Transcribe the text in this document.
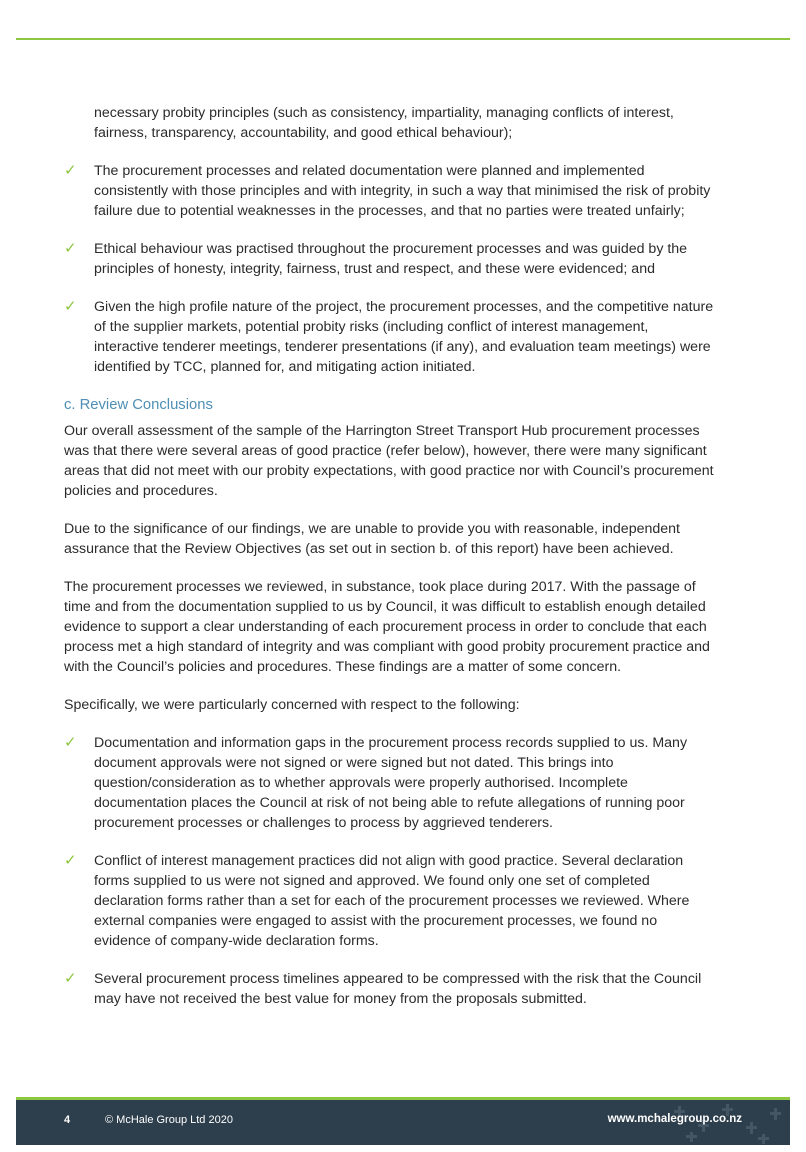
necessary probity principles (such as consistency, impartiality, managing conflicts of interest, fairness, transparency, accountability, and good ethical behaviour);

✓ The procurement processes and related documentation were planned and implemented consistently with those principles and with integrity, in such a way that minimised the risk of probity failure due to potential weaknesses in the processes, and that no parties were treated unfairly;
✓ Ethical behaviour was practised throughout the procurement processes and was guided by the principles of honesty, integrity, fairness, trust and respect, and these were evidenced; and
✓ Given the high profile nature of the project, the procurement processes, and the competitive nature of the supplier markets, potential probity risks (including conflict of interest management, interactive tenderer meetings, tenderer presentations (if any), and evaluation team meetings) were identified by TCC, planned for, and mitigating action initiated.
c. Review Conclusions

Our overall assessment of the sample of the Harrington Street Transport Hub procurement processes was that there were several areas of good practice (refer below), however, there were many significant areas that did not meet with our probity expectations, with good practice nor with Council’s procurement policies and procedures.

Due to the significance of our findings, we are unable to provide you with reasonable, independent assurance that the Review Objectives (as set out in section b. of this report) have been achieved.

The procurement processes we reviewed, in substance, took place during 2017. With the passage of time and from the documentation supplied to us by Council, it was difficult to establish enough detailed evidence to support a clear understanding of each procurement process in order to conclude that each process met a high standard of integrity and was compliant with good probity procurement practice and with the Council’s policies and procedures. These findings are a matter of some concern.

Specifically, we were particularly concerned with respect to the following:

✓ Documentation and information gaps in the procurement process records supplied to us. Many document approvals were not signed or were signed but not dated. This brings into question/consideration as to whether approvals were properly authorised. Incomplete documentation places the Council at risk of not being able to refute allegations of running poor procurement processes or challenges to process by aggrieved tenderers.
✓ Conflict of interest management practices did not align with good practice. Several declaration forms supplied to us were not signed and approved. We found only one set of completed declaration forms rather than a set for each of the procurement processes we reviewed. Where external companies were engaged to assist with the procurement processes, we found no evidence of company-wide declaration forms.
✓ Several procurement process timelines appeared to be compressed with the risk that the Council may have not received the best value for money from the proposals submitted.
4	© McHale Group Ltd 2020	www.mchalegroup.co.nz
